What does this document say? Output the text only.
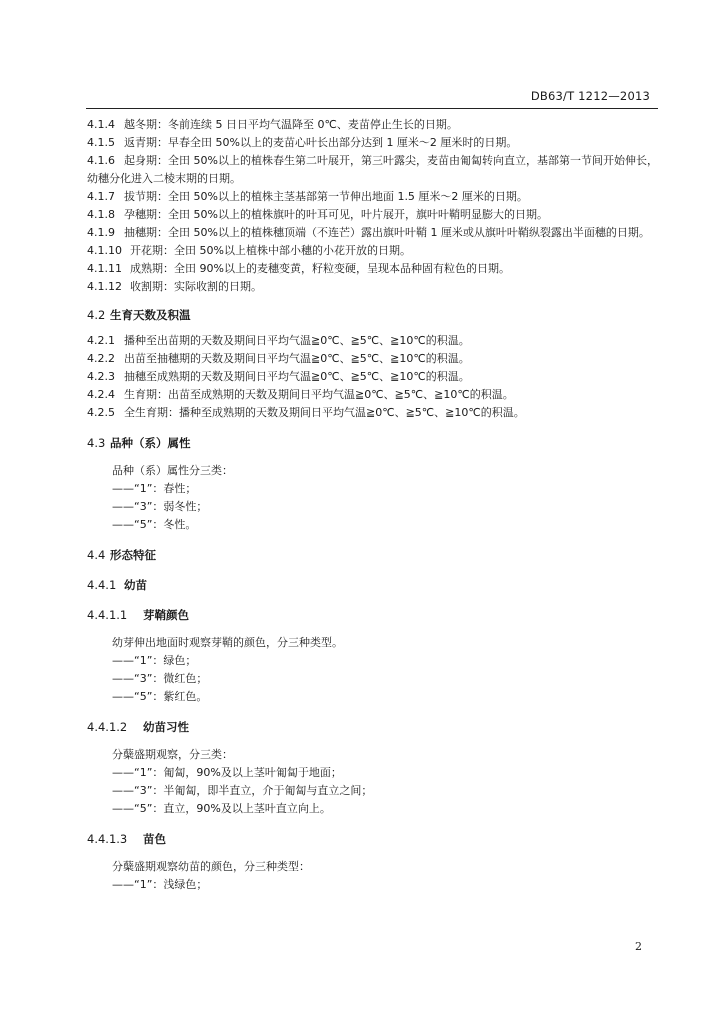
DB63/T 1212—2013
4.1.4 越冬期：冬前连续 5 日日平均气温降至 0℃、麦苗停止生长的日期。
4.1.5 返青期：早春全田 50%以上的麦苗心叶长出部分达到 1 厘米～2 厘米时的日期。
4.1.6 起身期：全田 50%以上的植株春生第二叶展开，第三叶露尖，麦苗由匍匐转向直立，基部第一节间开始伸长，幼穗分化进入二棱末期的日期。
4.1.7 拔节期：全田 50%以上的植株主茎基部第一节伸出地面 1.5 厘米～2 厘米的日期。
4.1.8 孕穗期：全田 50%以上的植株旗叶的叶耳可见，叶片展开，旗叶叶鞘明显膨大的日期。
4.1.9 抽穗期：全田 50%以上的植株穗顶端（不连芒）露出旗叶叶鞘 1 厘米或从旗叶叶鞘纵裂露出半面穗的日期。
4.1.10 开花期：全田 50%以上植株中部小穗的小花开放的日期。
4.1.11 成熟期：全田 90%以上的麦穗变黄，籽粒变硬，呈现本品种固有粒色的日期。
4.1.12 收割期：实际收割的日期。
4.2 生育天数及积温
4.2.1 播种至出苗期的天数及期间日平均气温≧0℃、≧5℃、≧10℃的积温。
4.2.2 出苗至抽穗期的天数及期间日平均气温≧0℃、≧5℃、≧10℃的积温。
4.2.3 抽穗至成熟期的天数及期间日平均气温≧0℃、≧5℃、≧10℃的积温。
4.2.4 生育期：出苗至成熟期的天数及期间日平均气温≧0℃、≧5℃、≧10℃的积温。
4.2.5 全生育期：播种至成熟期的天数及期间日平均气温≧0℃、≧5℃、≧10℃的积温。
4.3 品种（系）属性
品种（系）属性分三类：
——“1”：春性；
——“3”：弱冬性；
——“5”：冬性。
4.4 形态特征
4.4.1 幼苗
4.4.1.1 芽鞘颜色
幼芽伸出地面时观察芽鞘的颜色，分三种类型。
——“1”：绿色；
——“3”：微红色；
——“5”：紫红色。
4.4.1.2 幼苗习性
分蘖盛期观察，分三类：
——“1”：匍匐，90%及以上茎叶匍匐于地面；
——“3”：半匍匐，即半直立，介于匍匐与直立之间；
——“5”：直立，90%及以上茎叶直立向上。
4.4.1.3 苗色
分蘖盛期观察幼苗的颜色，分三种类型：
——“1”：浅绿色；
2
